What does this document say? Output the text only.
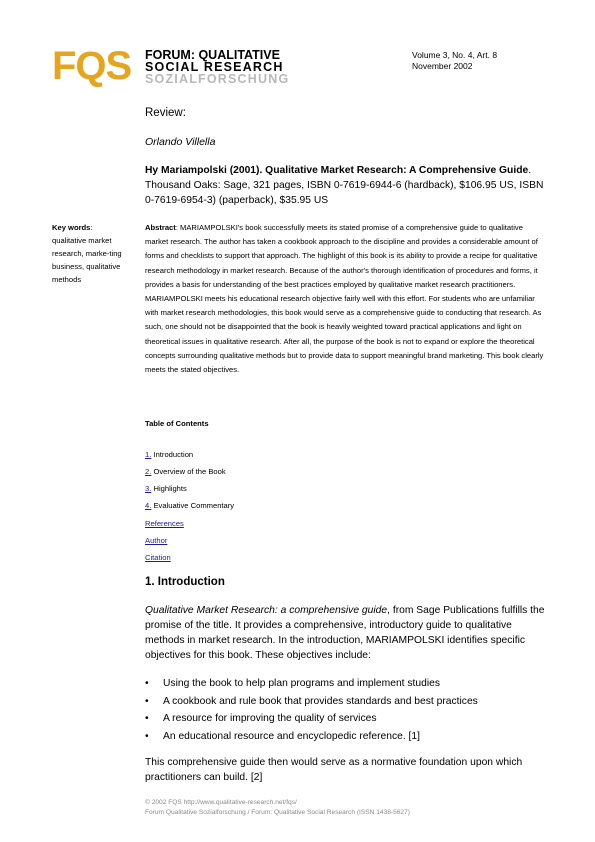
FQS FORUM: QUALITATIVE
SOCIAL RESEARCH
SOZIALFORSCHUNG
Volume 3, No. 4, Art. 8
November 2002
Review:
Orlando Villella
Hy Mariampolski (2001). Qualitative Market Research: A Comprehensive Guide. Thousand Oaks: Sage, 321 pages, ISBN 0-7619-6944-6 (hardback), $106.95 US, ISBN 0-7619-6954-3) (paperback), $35.95 US
Key words:
qualitative market research, marke-ting business, qualitative methods
Abstract: MARIAMPOLSKI's book successfully meets its stated promise of a comprehensive guide to qualitative market research. The author has taken a cookbook approach to the discipline and provides a considerable amount of forms and checklists to support that approach. The highlight of this book is its ability to provide a recipe for qualitative research methodology in market research. Because of the author's thorough identification of procedures and forms, it provides a basis for understanding of the best practices employed by qualitative market research practitioners. MARIAMPOLSKI meets his educational research objective fairly well with this effort. For students who are unfamiliar with market research methodologies, this book would serve as a comprehensive guide to conducting that research. As such, one should not be disappointed that the book is heavily weighted toward practical applications and light on theoretical issues in qualitative research. After all, the purpose of the book is not to expand or explore the theoretical concepts surrounding qualitative methods but to provide data to support meaningful brand marketing. This book clearly meets the stated objectives.
Table of Contents
1. Introduction
2. Overview of the Book
3. Highlights
4. Evaluative Commentary
References
Author
Citation
1. Introduction
Qualitative Market Research: a comprehensive guide, from Sage Publications fulfills the promise of the title. It provides a comprehensive, introductory guide to qualitative methods in market research. In the introduction, MARIAMPOLSKI identifies specific objectives for this book. These objectives include:
• Using the book to help plan programs and implement studies
• A cookbook and rule book that provides standards and best practices
• A resource for improving the quality of services
• An educational resource and encyclopedic reference. [1]
This comprehensive guide then would serve as a normative foundation upon which practitioners can build. [2]
© 2002 FQS http://www.qualitative-research.net/fqs/
Forum Qualitative Sozialforschung / Forum: Qualitative Social Research (ISSN 1438-5627)
